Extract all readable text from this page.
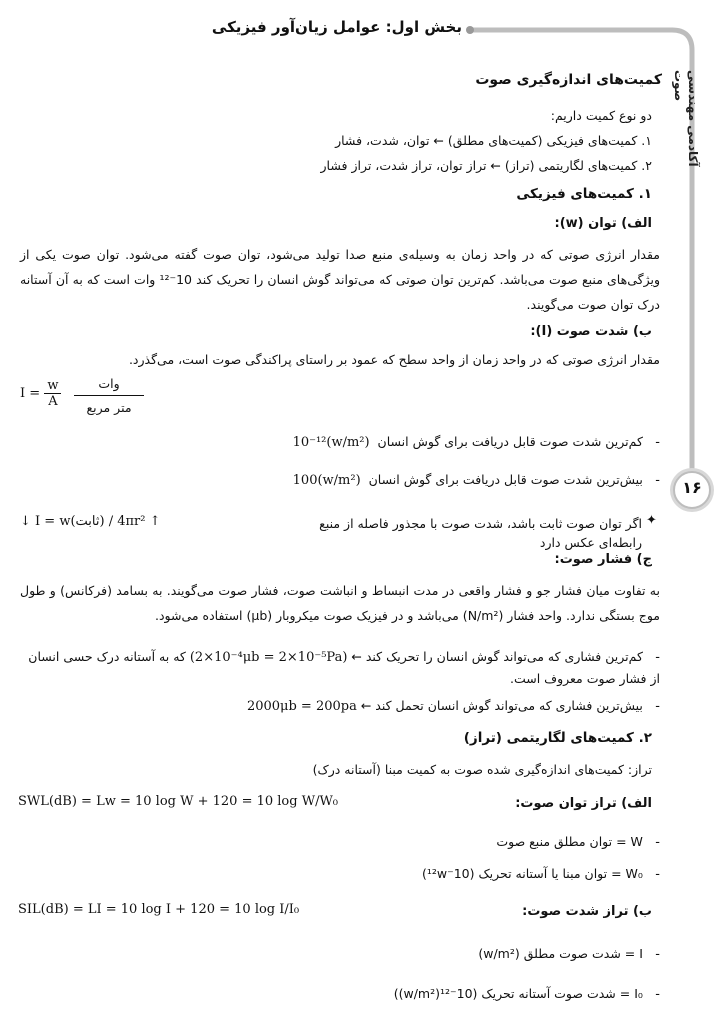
بخش اول: عوامل زیان‌آور فیزیکی
آکادمی مهندسی صوت
۱۶
کمیت‌های اندازه‌گیری صوت
دو نوع کمیت داریم:
۱. کمیت‌های فیزیکی (کمیت‌های مطلق) ← توان، شدت، فشار
۲. کمیت‌های لگاریتمی (تراز) ← تراز توان، تراز شدت، تراز فشار
۱. کمیت‌های فیزیکی
الف) توان (w):
مقدار انرژی صوتی که در واحد زمان به وسیله‌ی منبع صدا تولید می‌شود، توان صوت گفته می‌شود. توان صوت یکی از ویژگی‌های منبع صوت می‌باشد. کم‌ترین توان صوتی که می‌تواند گوش انسان را تحریک کند 10⁻¹² وات است که به آن آستانه درک توان صوت می‌گویند.
ب) شدت صوت (I):
مقدار انرژی صوتی که در واحد زمان از واحد سطح که عمود بر راستای پراکندگی صوت است، می‌گذرد.
$I = \frac{w}{A} \frac{\text{وات}}{\text{متر مربع}}$
-   کم‌ترین شدت صوت قابل دریافت برای گوش انسان  10⁻¹²(w/m²)
-   بیش‌ترین شدت صوت قابل دریافت برای گوش انسان  100(w/m²)
✦
اگر توان صوت ثابت باشد، شدت صوت با مجذور فاصله از منبع رابطه‌ای عکس دارد
↓ I = w(ثابت) / 4πr² ↑
ج) فشار صوت:
به تفاوت میان فشار جو و فشار واقعی در مدت انبساط و انباشت صوت، فشار صوت می‌گویند. به بسامد (فرکانس) و طول موج بستگی ندارد. واحد فشار (N/m²) می‌باشد و در فیزیک صوت میکروبار (μb) استفاده می‌شود.
-   کم‌ترین فشاری که می‌تواند گوش انسان را تحریک کند ← (2×10⁻⁴μb = 2×10⁻⁵Pa) که به آستانه درک حسی انسان از فشار صوت معروف است.
-   بیش‌ترین فشاری که می‌تواند گوش انسان تحمل کند ← 2000μb = 200pa
۲. کمیت‌های لگاریتمی (تراز)
تراز: کمیت‌های اندازه‌گیری شده صوت به کمیت مبنا (آستانه درک)
الف) تراز توان صوت:
SWL(dB) = Lw = 10 log W + 120 = 10 log W/W₀
-   W = توان مطلق منبع صوت
-   W₀ = توان مبنا یا آستانه تحریک (10⁻¹²w)
ب) تراز شدت صوت:
SIL(dB) = LI = 10 log I + 120 = 10 log I/I₀
-   I = شدت صوت مطلق (w/m²)
-   I₀ = شدت صوت آستانه تحریک (10⁻¹²(w/m²))
